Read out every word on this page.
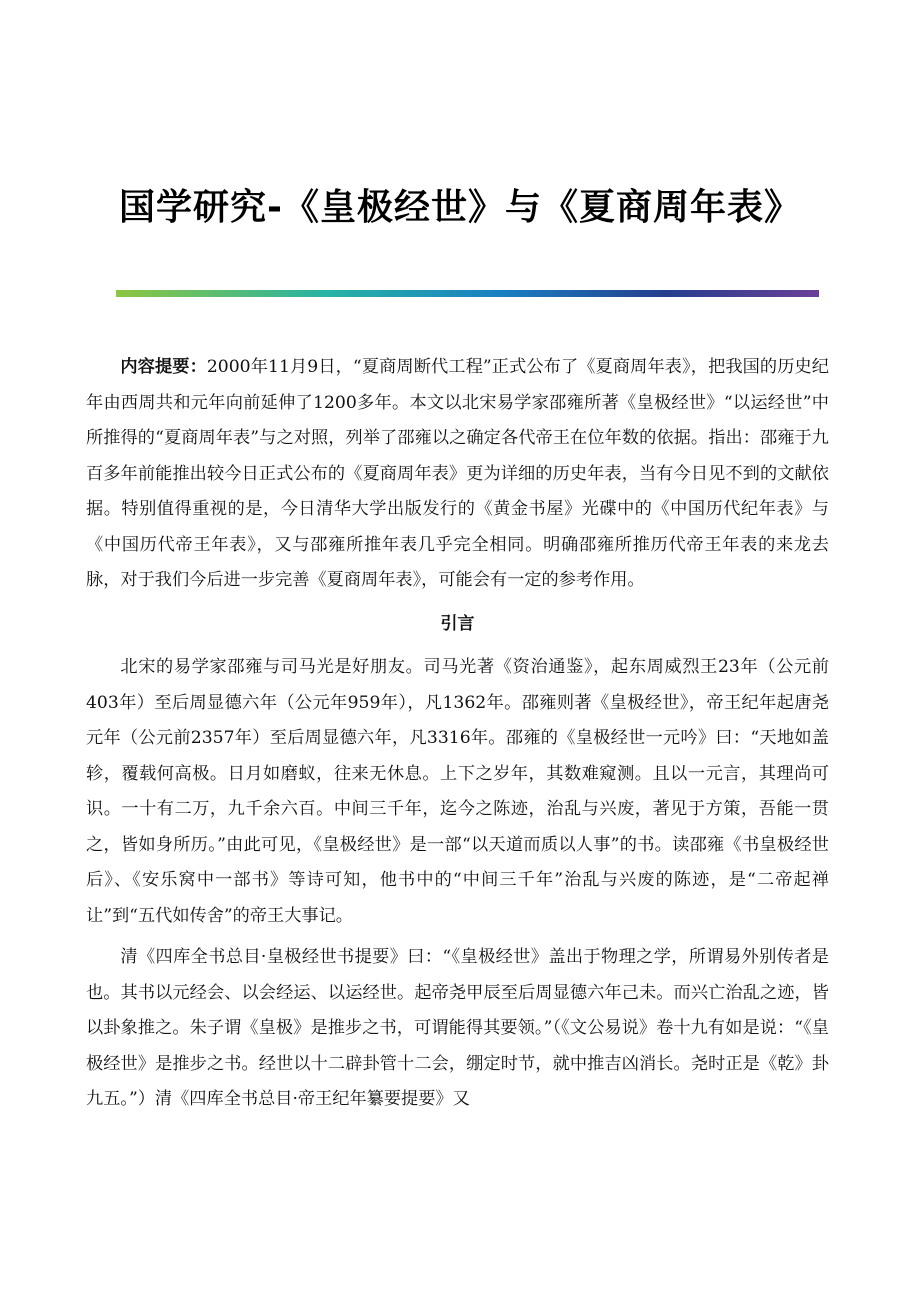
国学研究-《皇极经世》与《夏商周年表》

内容提要：2000年11月9日，“夏商周断代工程”正式公布了《夏商周年表》，把我国的历史纪年由西周共和元年向前延伸了1200多年。本文以北宋易学家邵雍所著《皇极经世》“以运经世”中所推得的“夏商周年表”与之对照，列举了邵雍以之确定各代帝王在位年数的依据。指出：邵雍于九百多年前能推出较今日正式公布的《夏商周年表》更为详细的历史年表，当有今日见不到的文献依据。特别值得重视的是，今日清华大学出版发行的《黄金书屋》光碟中的《中国历代纪年表》与《中国历代帝王年表》，又与邵雍所推年表几乎完全相同。明确邵雍所推历代帝王年表的来龙去脉，对于我们今后进一步完善《夏商周年表》，可能会有一定的参考作用。

引言

北宋的易学家邵雍与司马光是好朋友。司马光著《资治通鉴》，起东周威烈王23年（公元前403年）至后周显德六年（公元年959年），凡1362年。邵雍则著《皇极经世》，帝王纪年起唐尧元年（公元前2357年）至后周显德六年，凡3316年。邵雍的《皇极经世一元吟》曰：“天地如盖轸，覆载何高极。日月如磨蚁，往来无休息。上下之岁年，其数难窥测。且以一元言，其理尚可识。一十有二万，九千余六百。中间三千年，迄今之陈迹，治乱与兴废，著见于方策，吾能一贯之，皆如身所历。”由此可见，《皇极经世》是一部“以天道而质以人事”的书。读邵雍《书皇极经世后》、《安乐窝中一部书》等诗可知，他书中的“中间三千年”治乱与兴废的陈迹，是“二帝起禅让”到“五代如传舍”的帝王大事记。

清《四库全书总目·皇极经世书提要》曰：“《皇极经世》盖出于物理之学，所谓易外别传者是也。其书以元经会、以会经运、以运经世。起帝尧甲辰至后周显德六年己未。而兴亡治乱之迹，皆以卦象推之。朱子谓《皇极》是推步之书，可谓能得其要领。”（《文公易说》卷十九有如是说：“《皇极经世》是推步之书。经世以十二辟卦管十二会，绷定时节，就中推吉凶消长。尧时正是《乾》卦九五。”）清《四库全书总目·帝王纪年纂要提要》又
